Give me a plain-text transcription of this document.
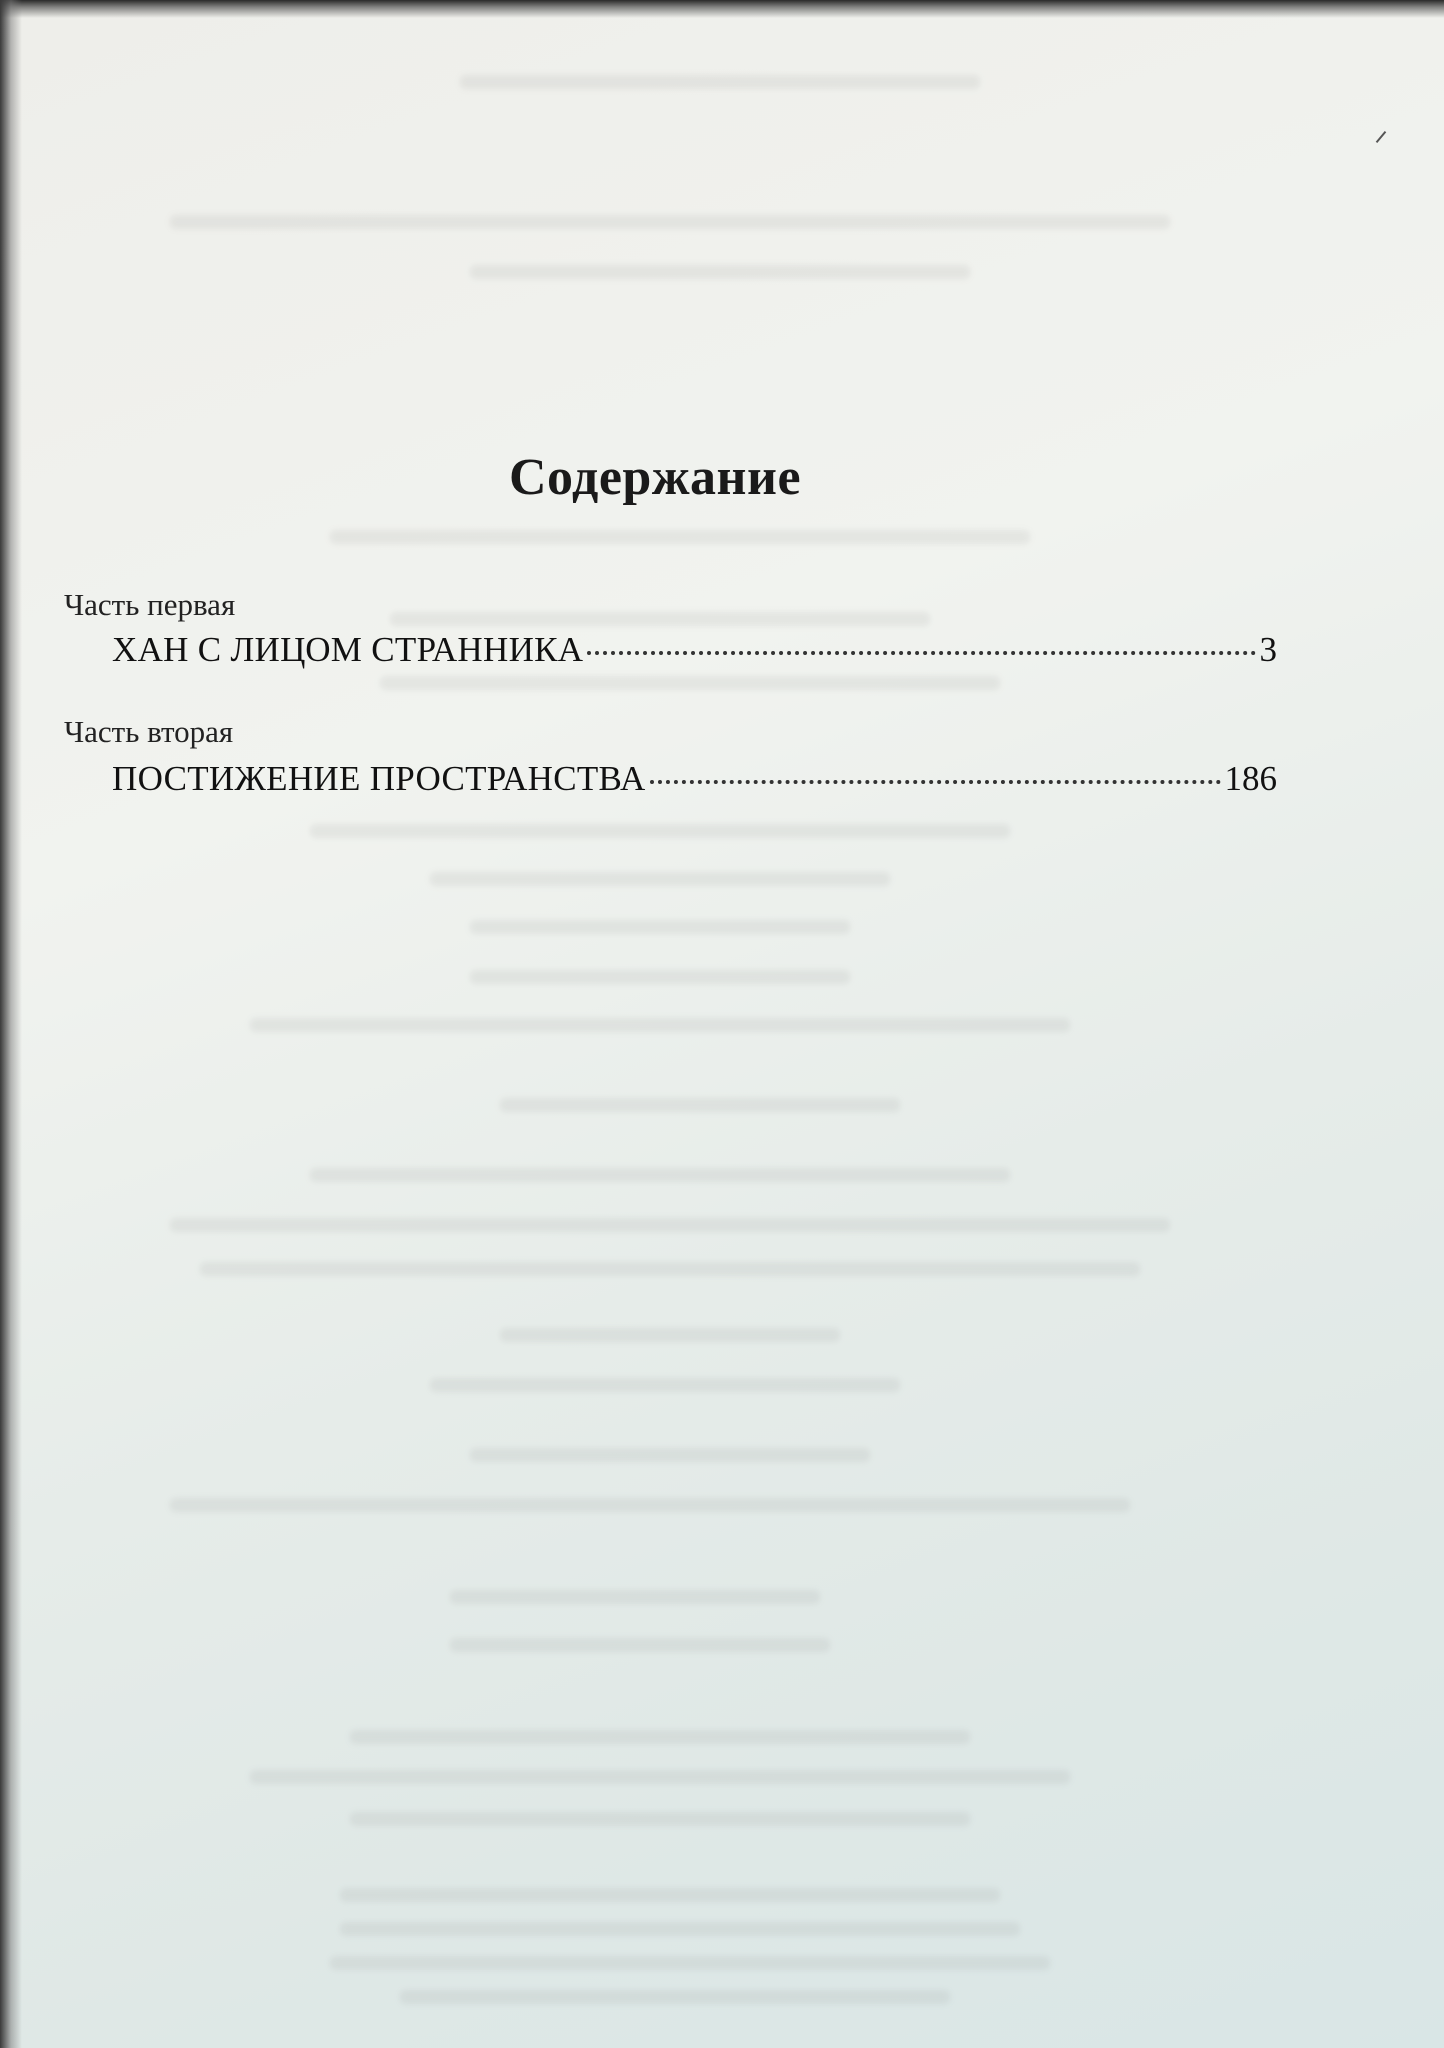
Содержание
Часть первая
ХАН С ЛИЦОМ СТРАННИКА	3
Часть вторая
ПОСТИЖЕНИЕ ПРОСТРАНСТВА	186
